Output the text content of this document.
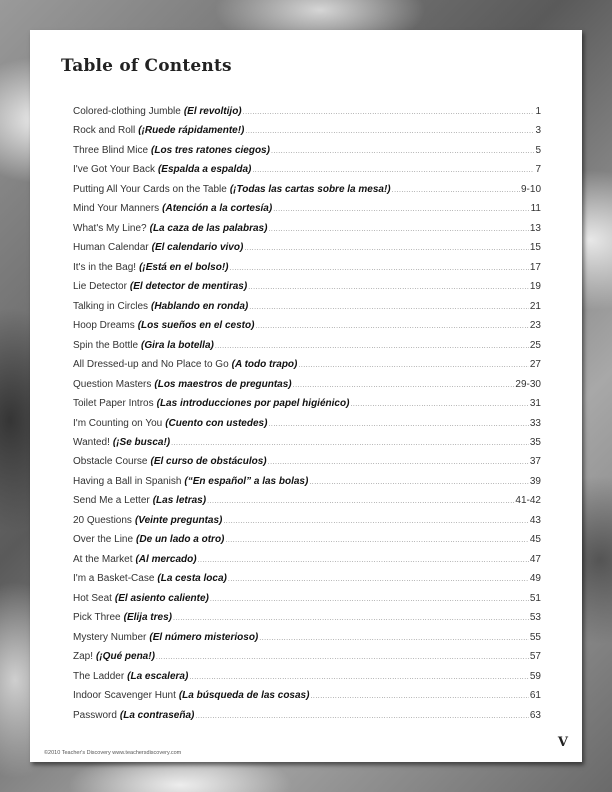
Table of Contents
Colored-clothing Jumble (El revoltijo) .....	1
Rock and Roll (¡Ruede rápidamente!) .....	3
Three Blind Mice (Los tres ratones ciegos) .....	5
I've Got Your Back (Espalda a espalda) .....	7
Putting All Your Cards on the Table (¡Todas las cartas sobre la mesa!) .....	9-10
Mind Your Manners (Atención a la cortesía) .....	11
What's My Line? (La caza de las palabras) .....	13
Human Calendar (El calendario vivo) .....	15
It's in the Bag! (¡Está en el bolso!) .....	17
Lie Detector (El detector de mentiras) .....	19
Talking in Circles (Hablando en ronda) .....	21
Hoop Dreams (Los sueños en el cesto) .....	23
Spin the Bottle (Gira la botella) .....	25
All Dressed-up and No Place to Go (A todo trapo) .....	27
Question Masters (Los maestros de preguntas) .....	29-30
Toilet Paper Intros (Las introducciones por papel higiénico) .....	31
I'm Counting on You (Cuento con ustedes) .....	33
Wanted! (¡Se busca!) .....	35
Obstacle Course (El curso de obstáculos) .....	37
Having a Ball in Spanish (“En español” a las bolas) .....	39
Send Me a Letter (Las letras) .....	41-42
20 Questions (Veinte preguntas) .....	43
Over the Line (De un lado a otro) .....	45
At the Market (Al mercado) .....	47
I'm a Basket-Case (La cesta loca) .....	49
Hot Seat (El asiento caliente) .....	51
Pick Three (Elija tres) .....	53
Mystery Number (El número misterioso) .....	55
Zap! (¡Qué pena!) .....	57
The Ladder (La escalera) .....	59
Indoor Scavenger Hunt (La búsqueda de las cosas) .....	61
Password (La contraseña) .....	63
V
©2010 Teacher's Discovery www.teachersdiscovery.com
